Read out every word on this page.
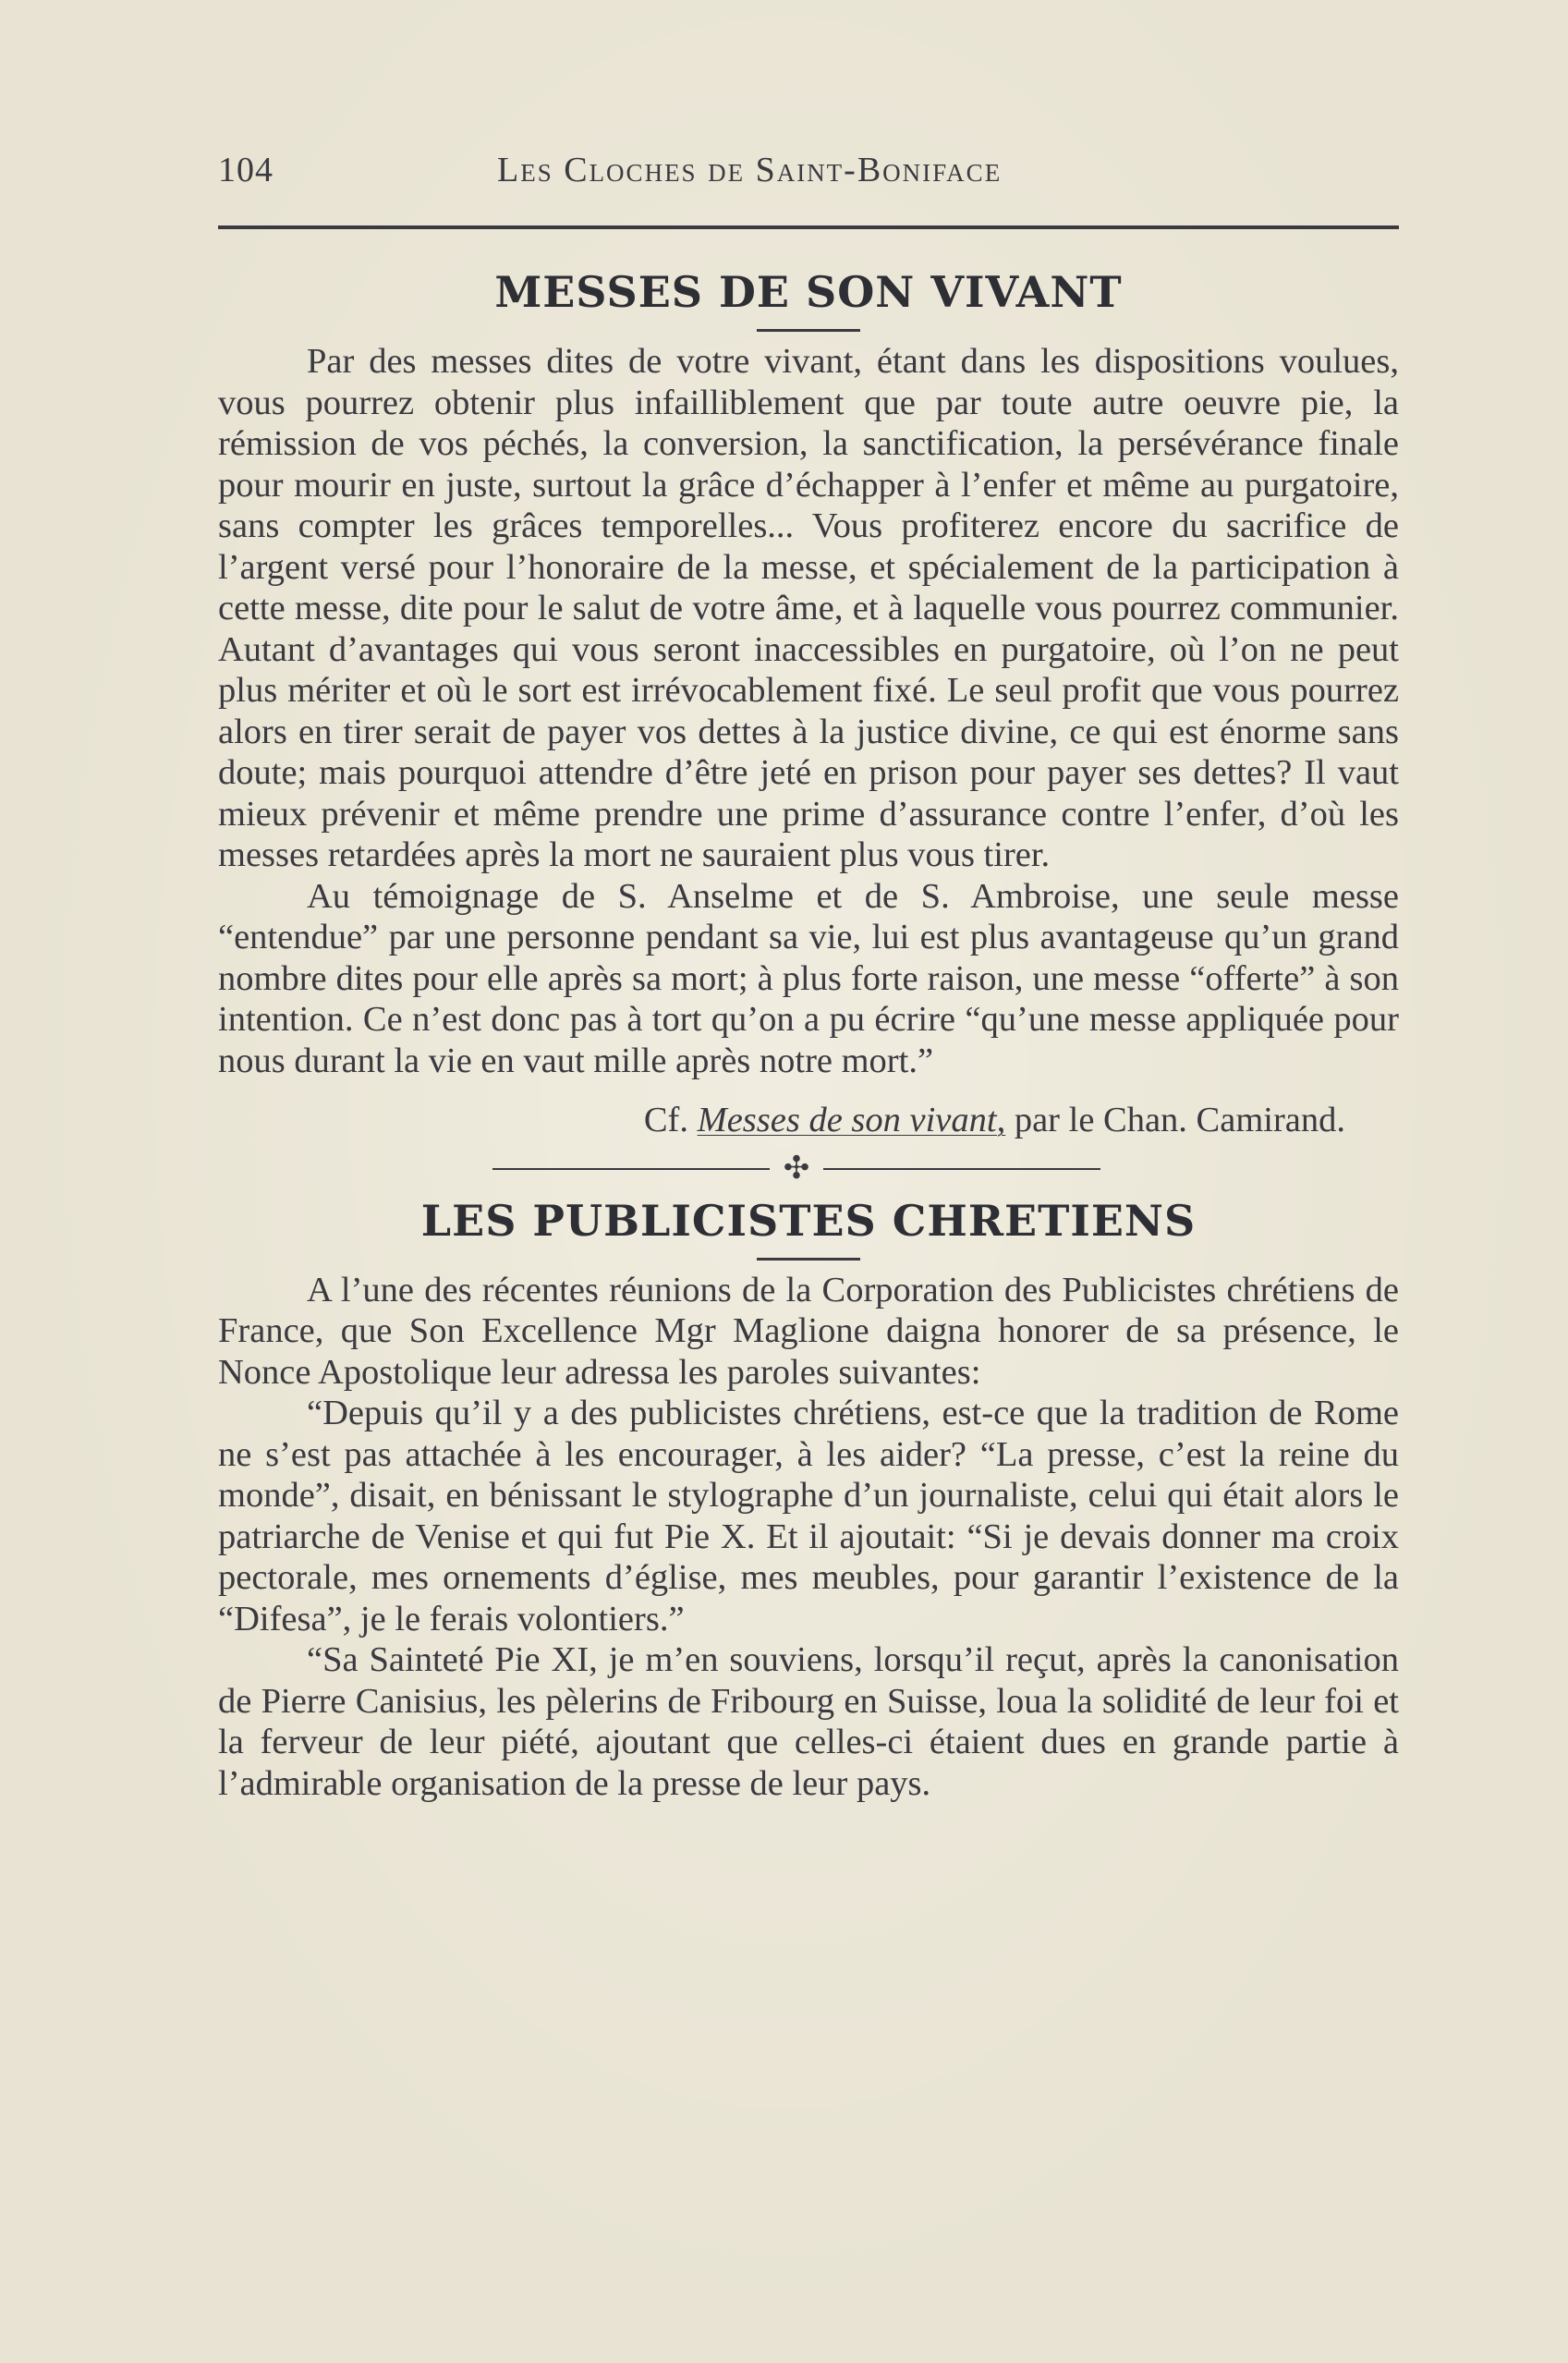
104	Les Cloches de Saint-Boniface
MESSES DE SON VIVANT

Par des messes dites de votre vivant, étant dans les dispositions voulues, vous pourrez obtenir plus infailliblement que par toute autre oeuvre pie, la rémission de vos péchés, la conversion, la sanctification, la persévérance finale pour mourir en juste, surtout la grâce d’échapper à l’enfer et même au purgatoire, sans compter les grâces temporelles... Vous profiterez encore du sacrifice de l’argent versé pour l’honoraire de la messe, et spécialement de la participation à cette messe, dite pour le salut de votre âme, et à laquelle vous pourrez communier. Autant d’avantages qui vous seront inaccessibles en purgatoire, où l’on ne peut plus mériter et où le sort est irrévocablement fixé. Le seul profit que vous pourrez alors en tirer serait de payer vos dettes à la justice divine, ce qui est énorme sans doute; mais pourquoi attendre d’être jeté en prison pour payer ses dettes? Il vaut mieux prévenir et même prendre une prime d’assurance contre l’enfer, d’où les messes retardées après la mort ne sauraient plus vous tirer.

Au témoignage de S. Anselme et de S. Ambroise, une seule messe “entendue” par une personne pendant sa vie, lui est plus avantageuse qu’un grand nombre dites pour elle après sa mort; à plus forte raison, une messe “offerte” à son intention. Ce n’est donc pas à tort qu’on a pu écrire “qu’une messe appliquée pour nous durant la vie en vaut mille après notre mort.”

Cf. Messes de son vivant, par le Chan. Camirand.
✣
LES PUBLICISTES CHRETIENS

A l’une des récentes réunions de la Corporation des Publicistes chrétiens de France, que Son Excellence Mgr Maglione daigna honorer de sa présence, le Nonce Apostolique leur adressa les paroles suivantes:

“Depuis qu’il y a des publicistes chrétiens, est-ce que la tradition de Rome ne s’est pas attachée à les encourager, à les aider? “La presse, c’est la reine du monde”, disait, en bénissant le stylographe d’un journaliste, celui qui était alors le patriarche de Venise et qui fut Pie X. Et il ajoutait: “Si je devais donner ma croix pectorale, mes ornements d’église, mes meubles, pour garantir l’existence de la “Difesa”, je le ferais volontiers.”

“Sa Sainteté Pie XI, je m’en souviens, lorsqu’il reçut, après la canonisation de Pierre Canisius, les pèlerins de Fribourg en Suisse, loua la solidité de leur foi et la ferveur de leur piété, ajoutant que celles-ci étaient dues en grande partie à l’admirable organisation de la presse de leur pays.
